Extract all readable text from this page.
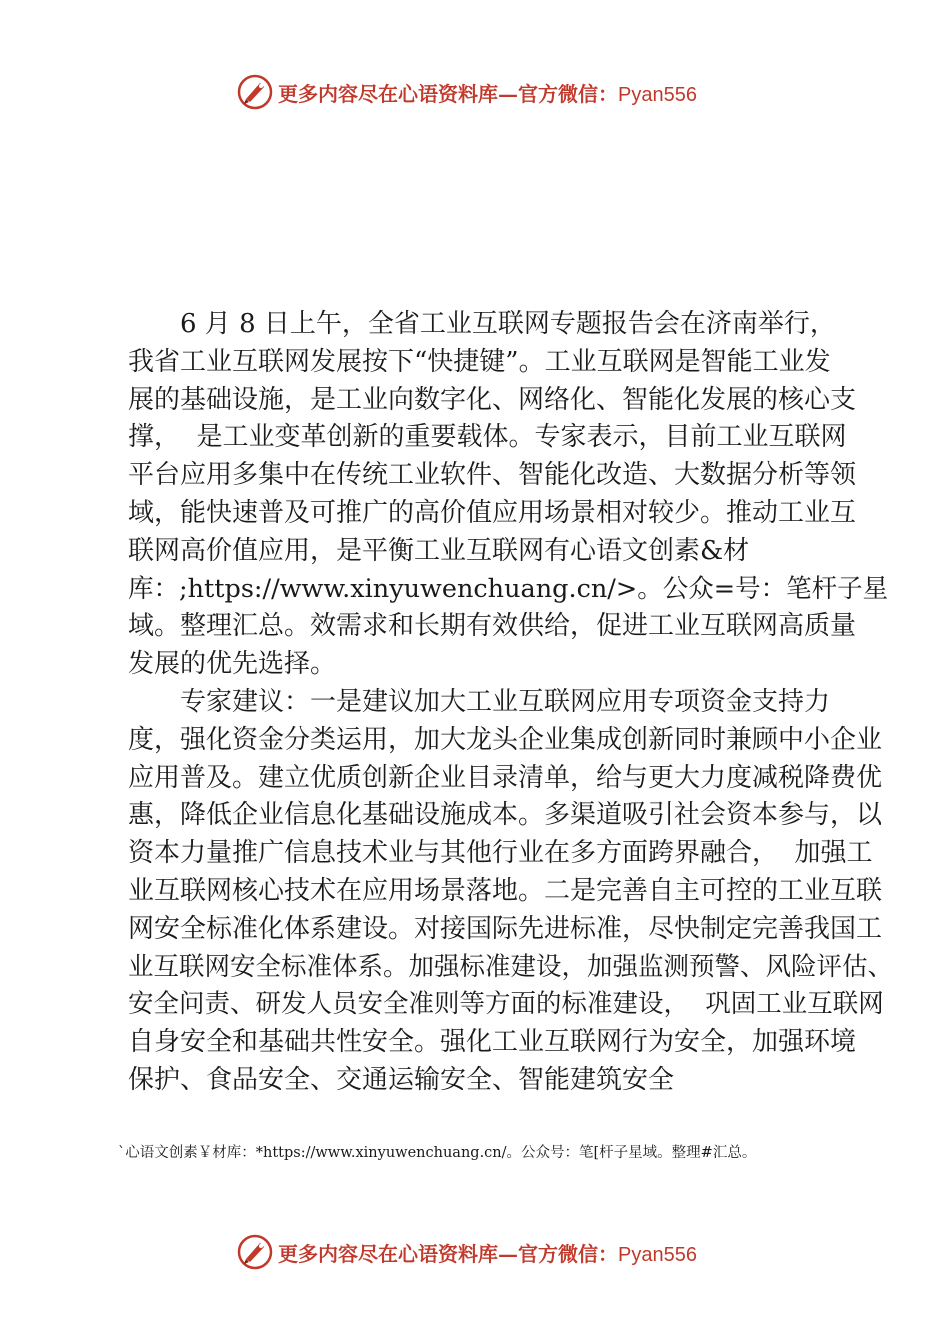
更多内容尽在心语资料库—官方微信：Pyan556
6 月 8 日上午，全省工业互联网专题报告会在济南举行，
我省工业互联网发展按下“快捷键”。工业互联网是智能工业发
展的基础设施，是工业向数字化、网络化、智能化发展的核心支
撑，  是工业变革创新的重要载体。专家表示，目前工业互联网
平台应用多集中在传统工业软件、智能化改造、大数据分析等领
域，能快速普及可推广的高价值应用场景相对较少。推动工业互
联网高价值应用，是平衡工业互联网有心语文创素&材
库：;https://www.xinyuwenchuang.cn/>。公众=号：笔杆子星
域。整理汇总。效需求和长期有效供给，促进工业互联网高质量
发展的优先选择。
专家建议：一是建议加大工业互联网应用专项资金支持力
度，强化资金分类运用，加大龙头企业集成创新同时兼顾中小企业
应用普及。建立优质创新企业目录清单，给与更大力度减税降费优
惠，降低企业信息化基础设施成本。多渠道吸引社会资本参与，以
资本力量推广信息技术业与其他行业在多方面跨界融合，  加强工
业互联网核心技术在应用场景落地。二是完善自主可控的工业互联
网安全标准化体系建设。对接国际先进标准，尽快制定完善我国工
业互联网安全标准体系。加强标准建设，加强监测预警、风险评估、
安全问责、研发人员安全准则等方面的标准建设，  巩固工业互联网
自身安全和基础共性安全。强化工业互联网行为安全，加强环境
保护、食品安全、交通运输安全、智能建筑安全
`心语文创素￥材库：*https://www.xinyuwenchuang.cn/。公众号：笔[杆子星域。整理#汇总。
更多内容尽在心语资料库—官方微信：Pyan556
